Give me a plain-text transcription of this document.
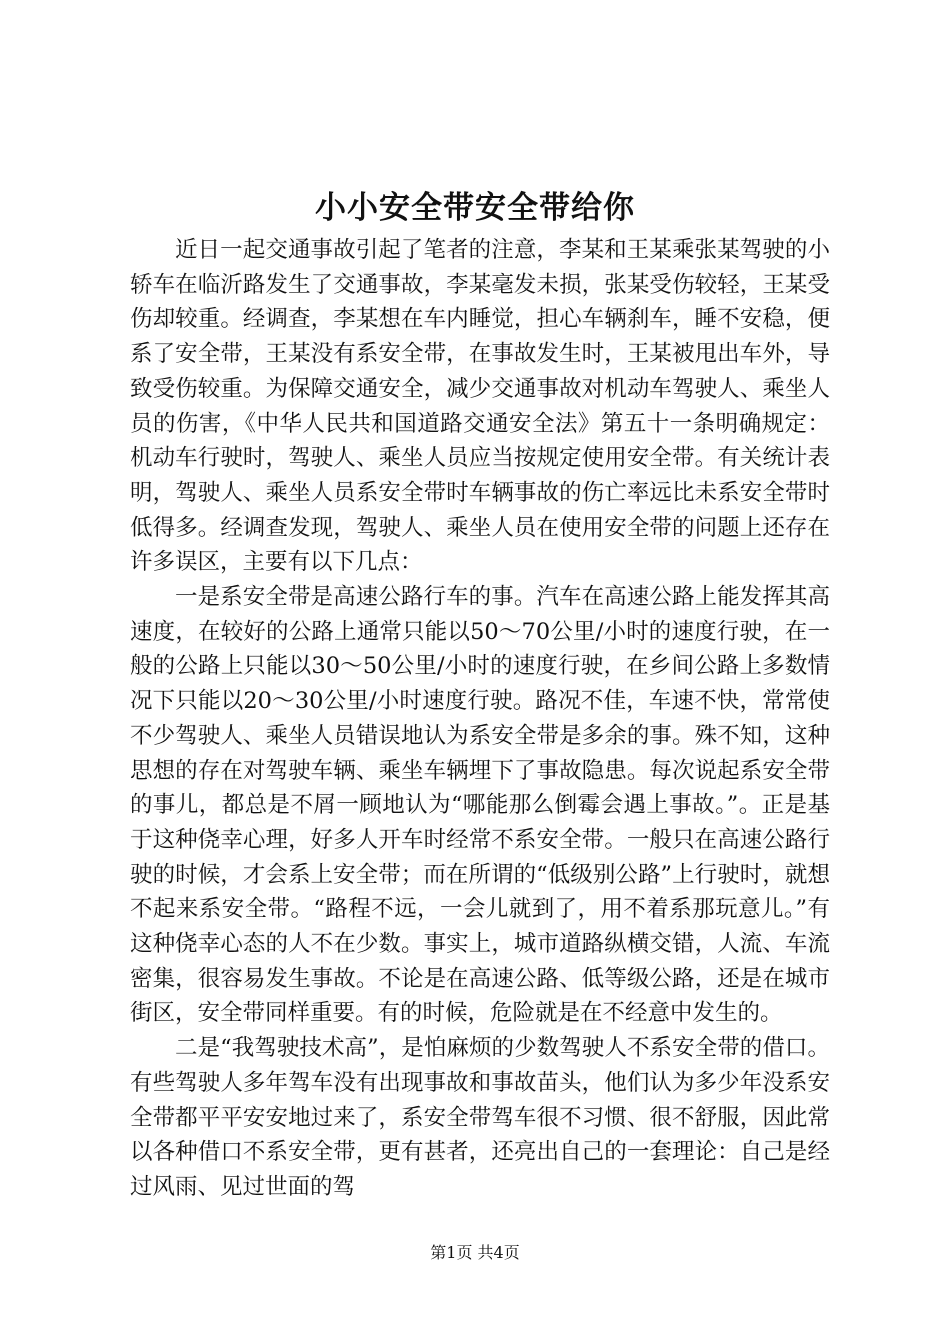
小小安全带安全带给你

近日一起交通事故引起了笔者的注意，李某和王某乘张某驾驶的小轿车在临沂路发生了交通事故，李某毫发未损，张某受伤较轻，王某受伤却较重。经调查，李某想在车内睡觉，担心车辆刹车，睡不安稳，便系了安全带，王某没有系安全带，在事故发生时，王某被甩出车外，导致受伤较重。为保障交通安全，减少交通事故对机动车驾驶人、乘坐人员的伤害，《中华人民共和国道路交通安全法》第五十一条明确规定：机动车行驶时，驾驶人、乘坐人员应当按规定使用安全带。有关统计表明，驾驶人、乘坐人员系安全带时车辆事故的伤亡率远比未系安全带时低得多。经调查发现，驾驶人、乘坐人员在使用安全带的问题上还存在许多误区，主要有以下几点：

一是系安全带是高速公路行车的事。汽车在高速公路上能发挥其高速度，在较好的公路上通常只能以50～70公里/小时的速度行驶，在一般的公路上只能以30～50公里/小时的速度行驶，在乡间公路上多数情况下只能以20～30公里/小时速度行驶。路况不佳，车速不快，常常使不少驾驶人、乘坐人员错误地认为系安全带是多余的事。殊不知，这种思想的存在对驾驶车辆、乘坐车辆埋下了事故隐患。每次说起系安全带的事儿，都总是不屑一顾地认为“哪能那么倒霉会遇上事故。”。正是基于这种侥幸心理，好多人开车时经常不系安全带。一般只在高速公路行驶的时候，才会系上安全带；而在所谓的“低级别公路”上行驶时，就想不起来系安全带。“路程不远，一会儿就到了，用不着系那玩意儿。”有这种侥幸心态的人不在少数。事实上，城市道路纵横交错，人流、车流密集，很容易发生事故。不论是在高速公路、低等级公路，还是在城市街区，安全带同样重要。有的时候，危险就是在不经意中发生的。

二是“我驾驶技术高”，是怕麻烦的少数驾驶人不系安全带的借口。有些驾驶人多年驾车没有出现事故和事故苗头，他们认为多少年没系安全带都平平安安地过来了，系安全带驾车很不习惯、很不舒服，因此常以各种借口不系安全带，更有甚者，还亮出自己的一套理论：自己是经过风雨、见过世面的驾

第1页 共4页
